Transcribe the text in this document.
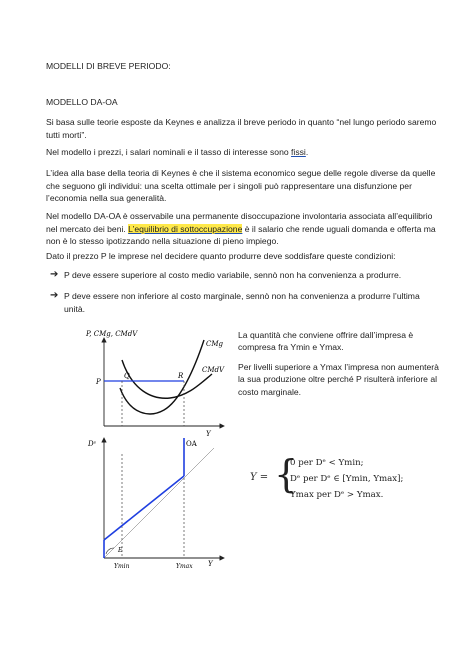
MODELLI DI BREVE PERIODO:

MODELLO DA-OA

Si basa sulle teorie esposte da Keynes e analizza il breve periodo in quanto “nel lungo periodo saremo tutti morti”.

Nel modello i prezzi, i salari nominali e il tasso di interesse sono fissi.

L’idea alla base della teoria di Keynes è che il sistema economico segue delle regole diverse da quelle che seguono gli individui: una scelta ottimale per i singoli può rappresentare una disfunzione per l’economia nella sua generalità.

Nel modello DA-OA è osservabile una permanente disoccupazione involontaria associata all’equilibrio nel mercato dei beni. L’equilibrio di sottoccupazione è il salario che rende uguali domanda e offerta ma non è lo stesso ipotizzando nella situazione di pieno impiego.

Dato il prezzo P le imprese nel decidere quanto produrre deve soddisfare queste condizioni:

➔ P deve essere superiore al costo medio variabile, sennò non ha convenienza a produrre.
➔ P deve essere non inferiore al costo marginale, sennò non ha convenienza a produrre l’ultima unità.
P, CMg, CMdV
Y
P
Q	R
CMg
CMdV
Dˢ
Y
E
OA
Ymin	Ymax

La quantità che conviene offrire dall’impresa è compresa fra Ymin e Ymax.

Per livelli superiore a Ymax l’impresa non aumenterà la sua produzione oltre perché P risulterà inferiore al costo marginale.

Y = {
0 per Dᵉ < Ymin;
Dᵉ per Dᵉ ∈ [Ymin, Ymax];
Ymax per Dᵉ > Ymax.
